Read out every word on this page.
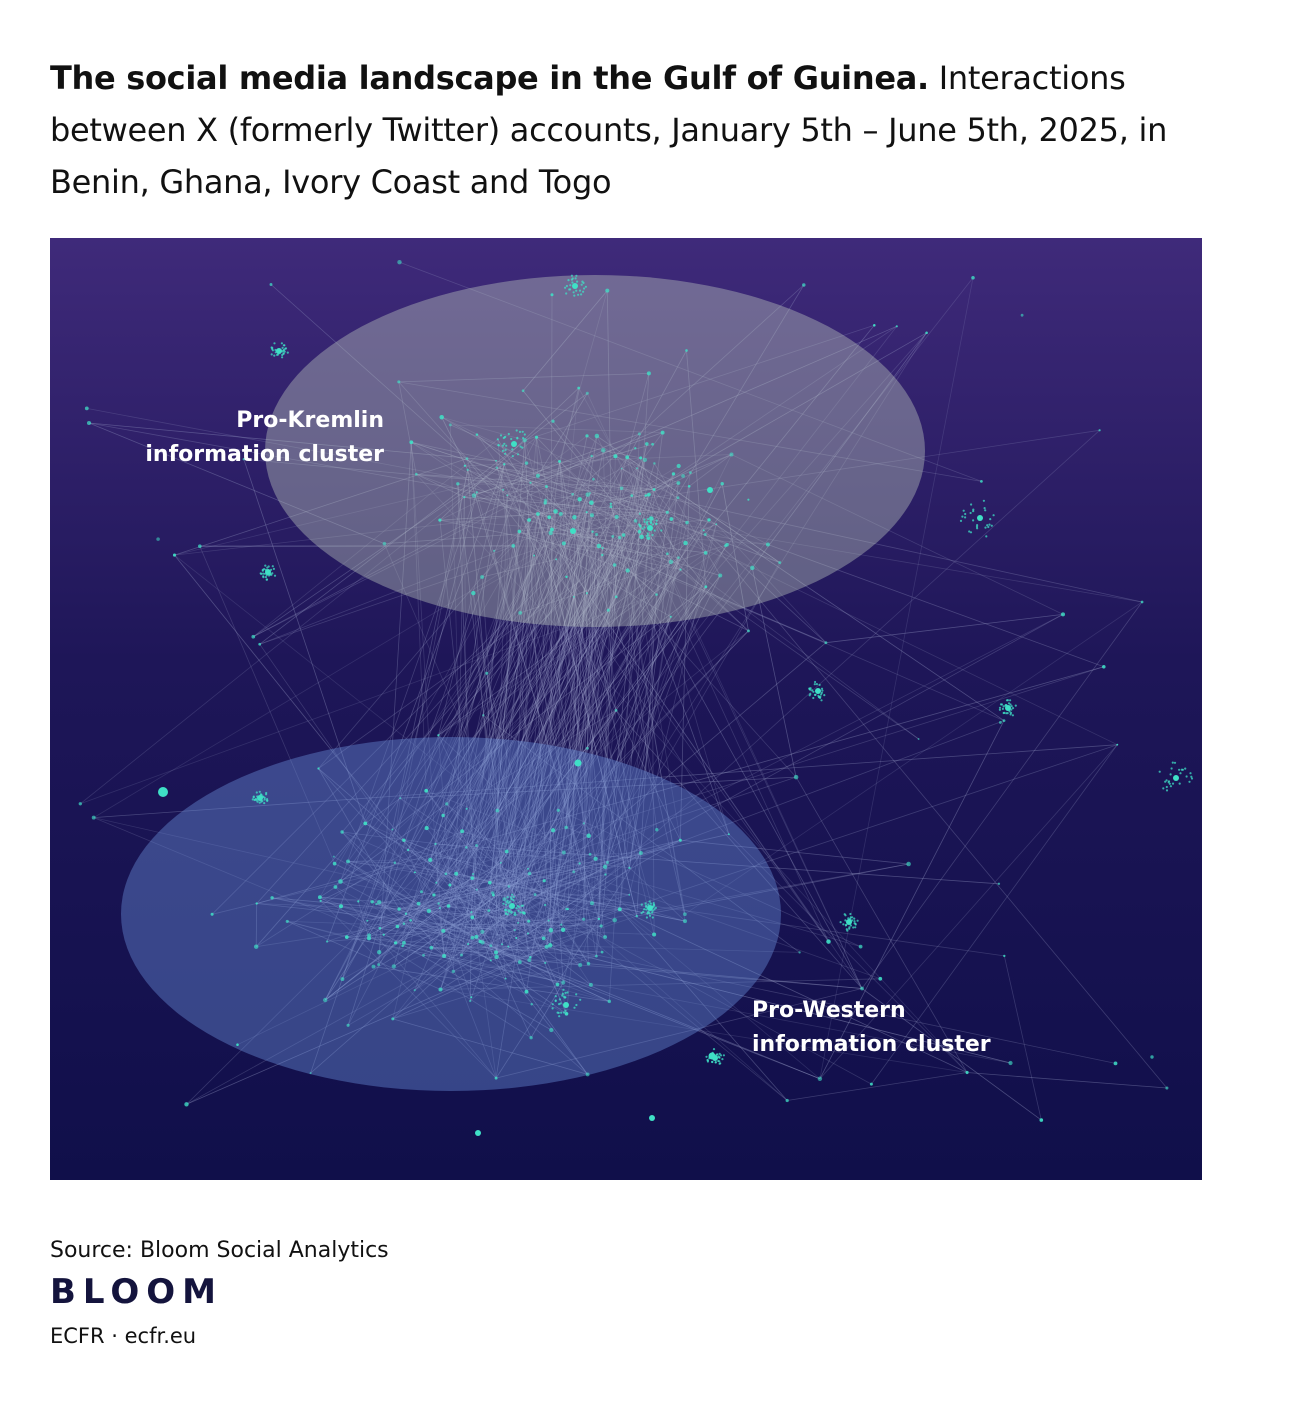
The social media landscape in the Gulf of Guinea. Interactions between X (formerly Twitter) accounts, January 5th – June 5th, 2025, in Benin, Ghana, Ivory Coast and Togo
Pro-Kremlin
information cluster
Pro-Western
information cluster
Source: Bloom Social Analytics
BLOOM
ECFR · ecfr.eu
